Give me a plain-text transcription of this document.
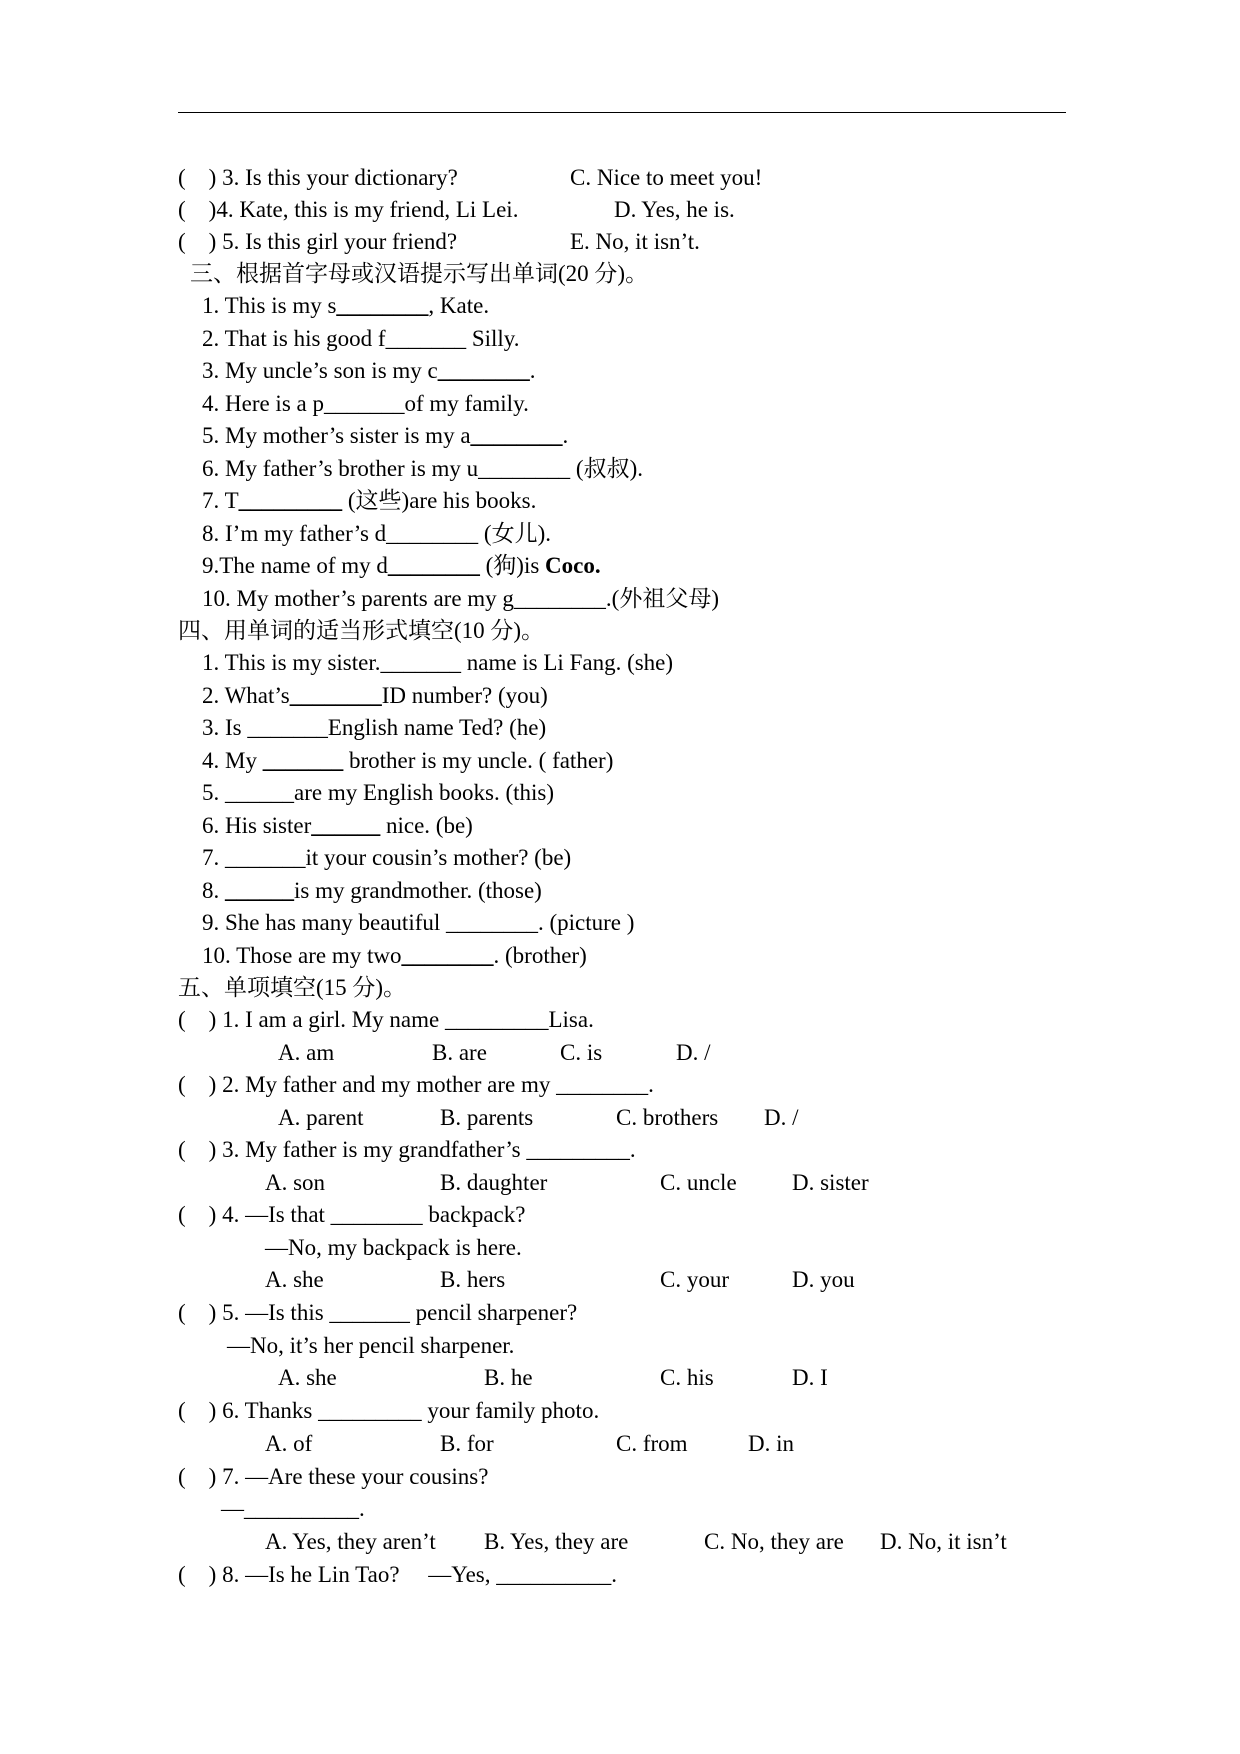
(    ) 3. Is this your dictionary?	C. Nice to meet you!
(    )4. Kate, this is my friend, Li Lei.	D. Yes, he is.
(    ) 5. Is this girl your friend?	E. No, it isn’t.
三、根据首字母或汉语提示写出单词(20 分)。
1. This is my s________, Kate.
2. That is his good f_______ Silly.
3. My uncle’s son is my c________.
4. Here is a p_______of my family.
5. My mother’s sister is my a________.
6. My father’s brother is my u________ (叔叔).
7. T_________ (这些)are his books.
8. I’m my father’s d________ (女儿).
9.The name of my d________ (狗)is Coco.
10. My mother’s parents are my g________.(外祖父母)
四、用单词的适当形式填空(10 分)。
1. This is my sister._______ name is Li Fang. (she)
2. What’s________ID number? (you)
3. Is _______English name Ted? (he)
4. My _______ brother is my uncle. ( father)
5. ______are my English books. (this)
6. His sister______ nice. (be)
7. _______it your cousin’s mother? (be)
8. ______is my grandmother. (those)
9. She has many beautiful ________. (picture )
10. Those are my two________. (brother)
五、单项填空(15 分)。
(    ) 1. I am a girl. My name _________Lisa.
A. am	B. are	C. is	D. /
(    ) 2. My father and my mother are my ________.
A. parent	B. parents	C. brothers D. /
(    ) 3. My father is my grandfather’s _________.
A. son	B. daughter	C. uncle D. sister
(    ) 4. —Is that ________ backpack?
—No, my backpack is here.
A. she	B. hers	C. your	D. you
(    ) 5. —Is this _______ pencil sharpener?
—No, it’s her pencil sharpener.
A. she	B. he	C. his	D. I
(    ) 6. Thanks _________ your family photo.
A. of	B. for	C. from	D. in
(    ) 7. —Are these your cousins?
—__________.
A. Yes, they aren’t B. Yes, they are	C. No, they are D. No, it isn’t
(    ) 8. —Is he Lin Tao?     —Yes, __________.
